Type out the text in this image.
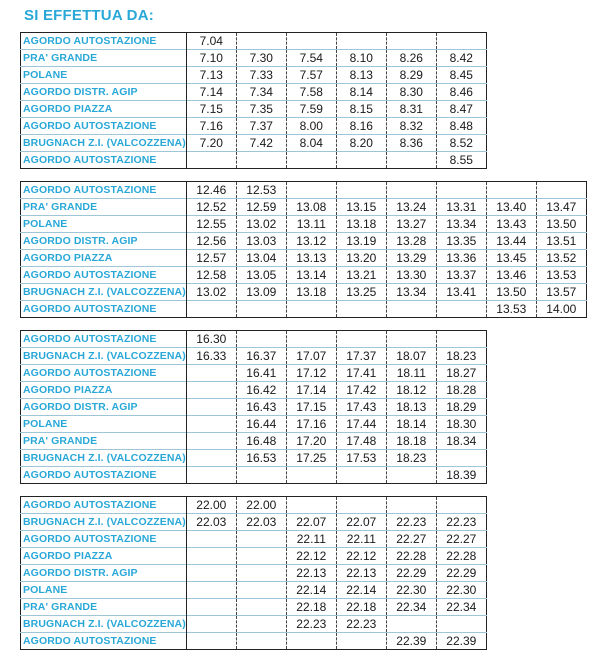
SI EFFETTUA DA:
AGORDO AUTOSTAZIONE	7.04					
PRA' GRANDE	7.10	7.30	7.54	8.10	8.26	8.42
POLANE	7.13	7.33	7.57	8.13	8.29	8.45
AGORDO DISTR. AGIP	7.14	7.34	7.58	8.14	8.30	8.46
AGORDO PIAZZA	7.15	7.35	7.59	8.15	8.31	8.47
AGORDO AUTOSTAZIONE	7.16	7.37	8.00	8.16	8.32	8.48
BRUGNACH Z.I. (VALCOZZENA)	7.20	7.42	8.04	8.20	8.36	8.52
AGORDO AUTOSTAZIONE						8.55
AGORDO AUTOSTAZIONE	12.46	12.53						
PRA' GRANDE	12.52	12.59	13.08	13.15	13.24	13.31	13.40	13.47
POLANE	12.55	13.02	13.11	13.18	13.27	13.34	13.43	13.50
AGORDO DISTR. AGIP	12.56	13.03	13.12	13.19	13.28	13.35	13.44	13.51
AGORDO PIAZZA	12.57	13.04	13.13	13.20	13.29	13.36	13.45	13.52
AGORDO AUTOSTAZIONE	12.58	13.05	13.14	13.21	13.30	13.37	13.46	13.53
BRUGNACH Z.I. (VALCOZZENA)	13.02	13.09	13.18	13.25	13.34	13.41	13.50	13.57
AGORDO AUTOSTAZIONE							13.53	14.00
AGORDO AUTOSTAZIONE	16.30					
BRUGNACH Z.I. (VALCOZZENA)	16.33	16.37	17.07	17.37	18.07	18.23
AGORDO AUTOSTAZIONE		16.41	17.12	17.41	18.11	18.27
AGORDO PIAZZA		16.42	17.14	17.42	18.12	18.28
AGORDO DISTR. AGIP		16.43	17.15	17.43	18.13	18.29
POLANE		16.44	17.16	17.44	18.14	18.30
PRA' GRANDE		16.48	17.20	17.48	18.18	18.34
BRUGNACH Z.I. (VALCOZZENA)		16.53	17.25	17.53	18.23	
AGORDO AUTOSTAZIONE						18.39
AGORDO AUTOSTAZIONE	22.00	22.00				
BRUGNACH Z.I. (VALCOZZENA)	22.03	22.03	22.07	22.07	22.23	22.23
AGORDO AUTOSTAZIONE			22.11	22.11	22.27	22.27
AGORDO PIAZZA			22.12	22.12	22.28	22.28
AGORDO DISTR. AGIP			22.13	22.13	22.29	22.29
POLANE			22.14	22.14	22.30	22.30
PRA' GRANDE			22.18	22.18	22.34	22.34
BRUGNACH Z.I. (VALCOZZENA)			22.23	22.23		
AGORDO AUTOSTAZIONE					22.39	22.39
